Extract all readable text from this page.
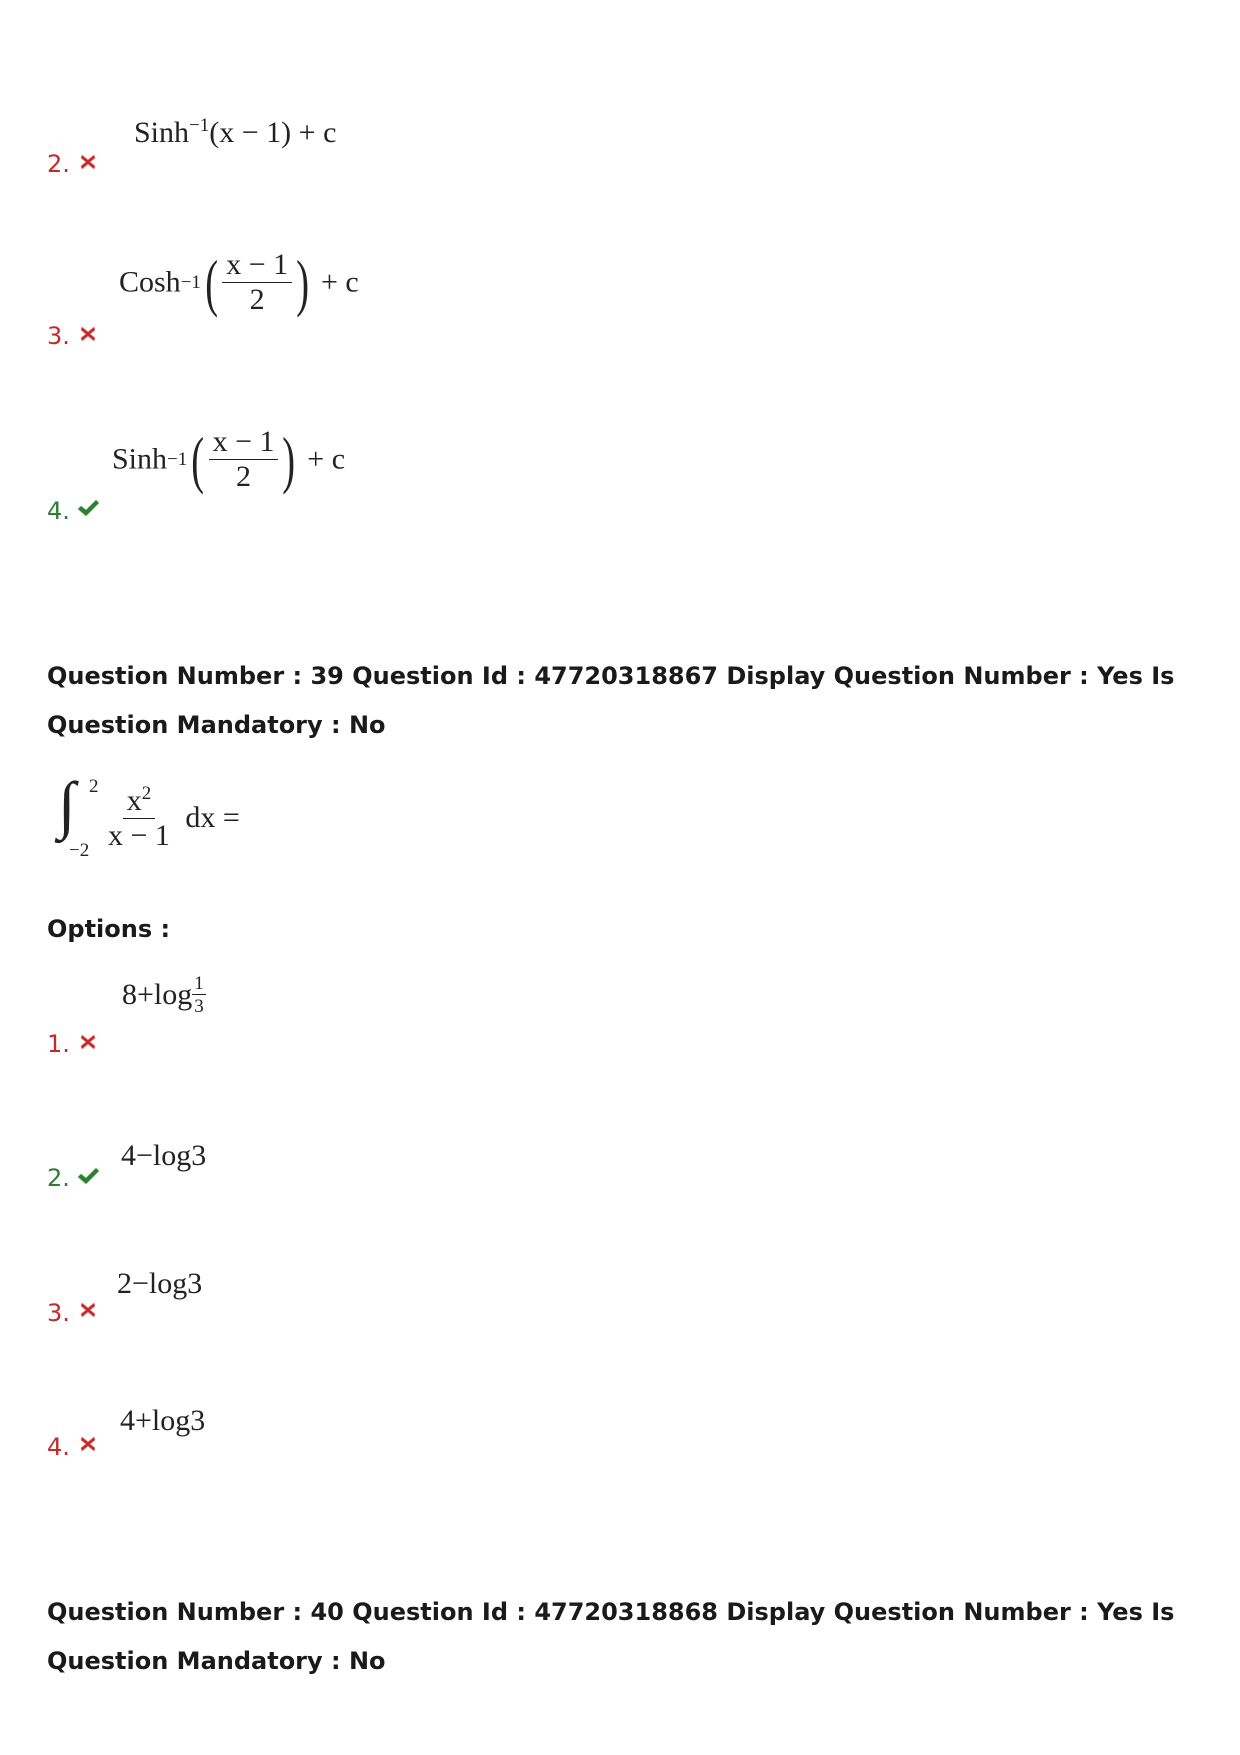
Sinh$^{-1}$(x − 1) + c
2.
Cosh−1( $\frac{x - 1}{2}$ ) + c
3.
Sinh−1( $\frac{x - 1}{2}$ ) + c
4.
Question Number : 39 Question Id : 47720318867 Display Question Number : Yes Is Question Mandatory : No
∫ 2
$-2 \frac{x^2}{x - 1}$ dx =
Options :
$8+\log \frac{1}{3}$
1.
4−log3
2.
2−log3
3.
4+log3
4.
Question Number : 40 Question Id : 47720318868 Display Question Number : Yes Is Question Mandatory : No
